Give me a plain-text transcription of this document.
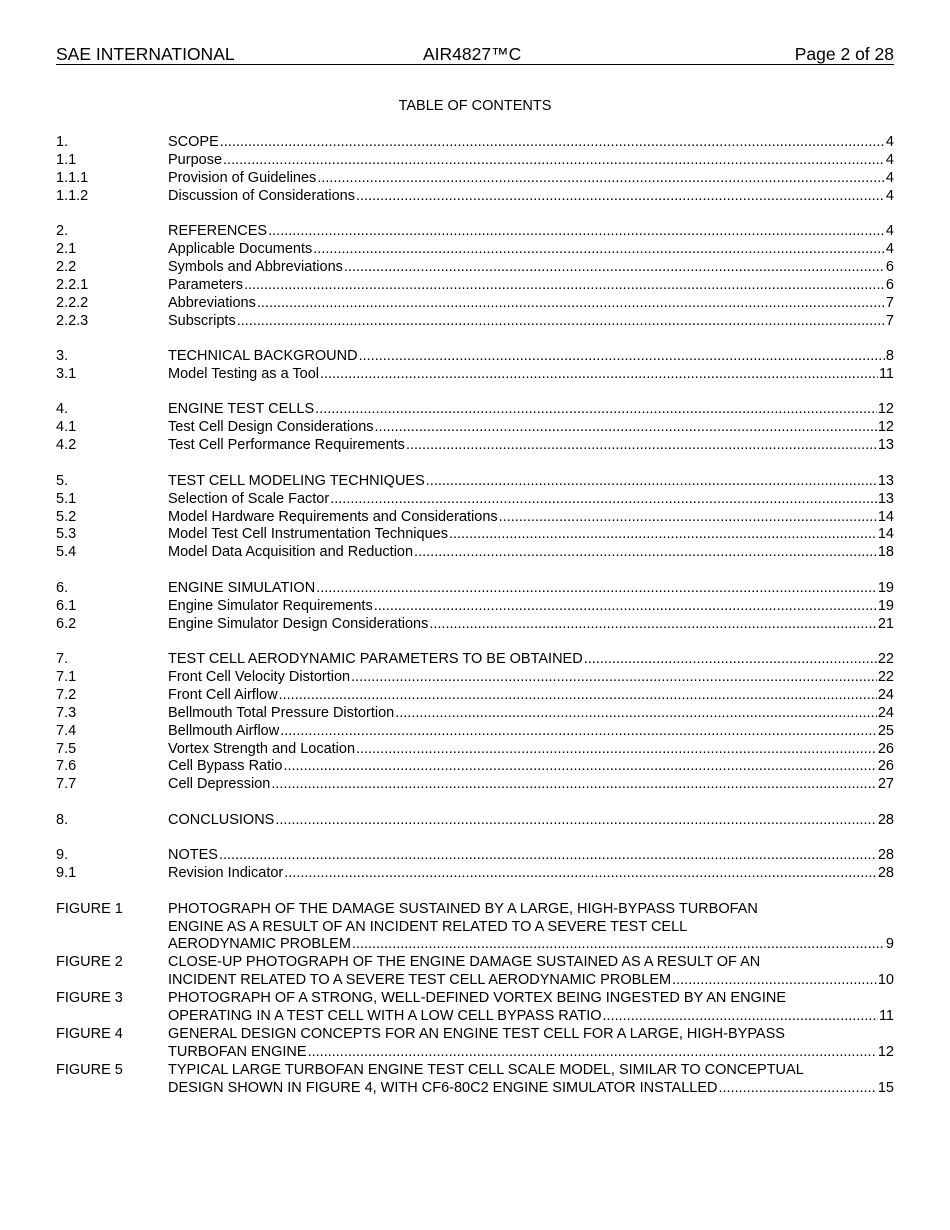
SAE INTERNATIONAL	AIR4827™C	Page 2 of 28
TABLE OF CONTENTS
1.	SCOPE .....	4
1.1	Purpose .....	4
1.1.1	Provision of Guidelines .....	4
1.1.2	Discussion of Considerations .....	4
2.	REFERENCES .....	4
2.1	Applicable Documents .....	4
2.2	Symbols and Abbreviations .....	6
2.2.1	Parameters .....	6
2.2.2	Abbreviations .....	7
2.2.3	Subscripts .....	7
3.	TECHNICAL BACKGROUND .....	8
3.1	Model Testing as a Tool .....	11
4.	ENGINE TEST CELLS .....	12
4.1	Test Cell Design Considerations .....	12
4.2	Test Cell Performance Requirements .....	13
5.	TEST CELL MODELING TECHNIQUES .....	13
5.1	Selection of Scale Factor .....	13
5.2	Model Hardware Requirements and Considerations .....	14
5.3	Model Test Cell Instrumentation Techniques .....	14
5.4	Model Data Acquisition and Reduction .....	18
6.	ENGINE SIMULATION .....	19
6.1	Engine Simulator Requirements .....	19
6.2	Engine Simulator Design Considerations .....	21
7.	TEST CELL AERODYNAMIC PARAMETERS TO BE OBTAINED .....	22
7.1	Front Cell Velocity Distortion .....	22
7.2	Front Cell Airflow .....	24
7.3	Bellmouth Total Pressure Distortion .....	24
7.4	Bellmouth Airflow .....	25
7.5	Vortex Strength and Location .....	26
7.6	Cell Bypass Ratio .....	26
7.7	Cell Depression .....	27
8.	CONCLUSIONS .....	28
9.	NOTES .....	28
9.1	Revision Indicator .....	28
FIGURE 1	PHOTOGRAPH OF THE DAMAGE SUSTAINED BY A LARGE, HIGH-BYPASS TURBOFAN
ENGINE AS A RESULT OF AN INCIDENT RELATED TO A SEVERE TEST CELL
AERODYNAMIC PROBLEM .....	9
FIGURE 2	CLOSE-UP PHOTOGRAPH OF THE ENGINE DAMAGE SUSTAINED AS A RESULT OF AN
INCIDENT RELATED TO A SEVERE TEST CELL AERODYNAMIC PROBLEM .....	10
FIGURE 3	PHOTOGRAPH OF A STRONG, WELL-DEFINED VORTEX BEING INGESTED BY AN ENGINE
OPERATING IN A TEST CELL WITH A LOW CELL BYPASS RATIO .....	11
FIGURE 4	GENERAL DESIGN CONCEPTS FOR AN ENGINE TEST CELL FOR A LARGE, HIGH-BYPASS
TURBOFAN ENGINE .....	12
FIGURE 5	TYPICAL LARGE TURBOFAN ENGINE TEST CELL SCALE MODEL, SIMILAR TO CONCEPTUAL
DESIGN SHOWN IN FIGURE 4, WITH CF6-80C2 ENGINE SIMULATOR INSTALLED .....	15
